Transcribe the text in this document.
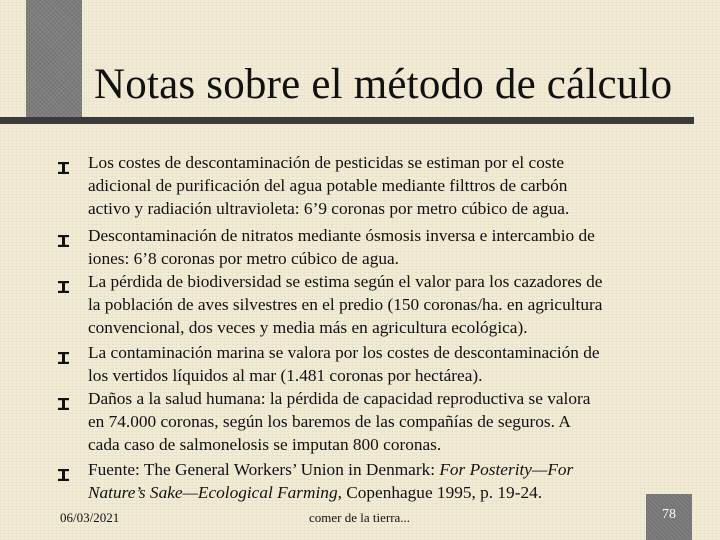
Notas sobre el método de cálculo
Los costes de descontaminación de pesticidas se estiman por el coste
adicional de purificación del agua potable mediante filttros de carbón
activo y radiación ultravioleta: 6’9 coronas por metro cúbico de agua.
Descontaminación de nitratos mediante ósmosis inversa e intercambio de
iones: 6’8 coronas por metro cúbico de agua.
La pérdida de biodiversidad se estima según el valor para los cazadores de
la población de aves silvestres en el predio (150 coronas/ha. en agricultura
convencional, dos veces y media más en agricultura ecológica).
La contaminación marina se valora por los costes de descontaminación de
los vertidos líquidos al mar (1.481 coronas por hectárea).
Daños a la salud humana: la pérdida de capacidad reproductiva se valora
en 74.000 coronas, según los baremos de las compañías de seguros. A
cada caso de salmonelosis se imputan 800 coronas.
Fuente: The General Workers’ Union in Denmark: For Posterity—For
Nature’s Sake—Ecological Farming, Copenhague 1995, p. 19-24.
06/03/2021	comer de la tierra...	78
